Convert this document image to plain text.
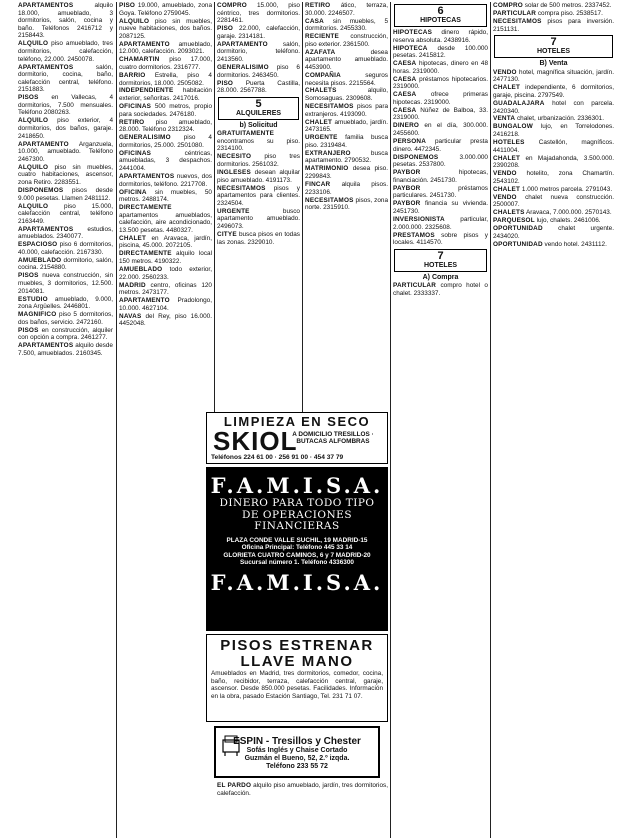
APARTAMENTOS alquilo 18.000, amueblado, 3 dormitorios, salón, cocina y baño. Teléfonos 2416712 y 2158443.

ALQUILO piso amueblado, tres dormitorios, calefacción, teléfono, 22.000. 2450078.

APARTAMENTOS salón, dormitorio, cocina, baño, calefacción central, teléfono. 2151883.

PISOS en Vallecas, 4 dormitorios, 7.500 mensuales. Teléfono 2080263.

ALQUILO piso exterior, 4 dormitorios, dos baños, garaje. 2418650.

APARTAMENTO Arganzuela, 10.000, amueblado. Teléfono 2467300.

ALQUILO piso sin muebles, cuatro habitaciones, ascensor, zona Retiro. 2283551.

DISPONEMOS pisos desde 9.000 pesetas. Llamen 2481112.

ALQUILO piso 15.000, calefacción central, teléfono 2163449.

APARTAMENTOS estudios, amueblados. 2340077.

ESPACIOSO piso 6 dormitorios, 40.000, calefacción. 2167330.

AMUEBLADO dormitorio, salón, cocina. 2154880.

PISOS nueva construcción, sin muebles, 3 dormitorios, 12.500. 2014081.

ESTUDIO amueblado, 9.000, zona Argüelles. 2446801.

MAGNIFICO piso 5 dormitorios, dos baños, servicio. 2472160.

PISOS en construcción, alquiler con opción a compra. 2461277.

APARTAMENTOS alquilo desde 7.500, amueblados. 2160345.

PISO 19.000, amueblado, zona Goya. Teléfono 2759045.

ALQUILO piso sin muebles, nueve habitaciones, dos baños. 2087125.

APARTAMENTO amueblado, 12.000, calefacción. 2093021.

CHAMARTIN piso 17.000, cuatro dormitorios. 2316777.

BARRIO Estrella, piso 4 dormitorios, 18.000. 2505082.

INDEPENDIENTE habitación exterior, señoritas. 2417016.

OFICINAS 500 metros, propio para sociedades. 2476180.

RETIRO piso amueblado, 28.000. Teléfono 2312324.

GENERALISIMO piso 4 dormitorios, 25.000. 2501080.

OFICINAS céntricas, amuebladas, 3 despachos. 2441004.

APARTAMENTOS nuevos, dos dormitorios, teléfono. 2217708.

OFICINA sin muebles, 50 metros. 2488174.

DIRECTAMENTE apartamentos amueblados, calefacción, aire acondicionado, 13.500 pesetas. 4480327.

CHALET en Aravaca, jardín, piscina, 45.000. 2072105.

DIRECTAMENTE alquilo local 150 metros. 4190322.

AMUEBLADO todo exterior, 22.000. 2560233.

MADRID centro, oficinas 120 metros. 2473177.

APARTAMENTO Pradolongo, 10.000. 4627104.

NAVAS del Rey, piso 16.000. 4452048.

COMPRO 15.000, piso céntrico, tres dormitorios. 2281461.

PISO 22.000, calefacción, garaje. 2314181.

APARTAMENTO salón, dormitorio, teléfono. 2413560.

GENERALISIMO piso 6 dormitorios. 2463450.

PISO Puerta Castilla, 28.000. 2567788.

5
ALQUILERES
b) Solicitud

GRATUITAMENTE encontramos su piso. 2314100.

NECESITO piso tres dormitorios. 2561032.

INGLESES desean alquilar piso amueblado. 4191173.

NECESITAMOS pisos y apartamentos para clientes. 2324504.

URGENTE busco apartamento amueblado. 2496073.

CITYE busca pisos en todas las zonas. 2329010.

RETIRO ático, terraza, 30.000. 2246507.

CASA sin muebles, 5 dormitorios. 2455330.

RECIENTE construcción, piso exterior. 2361500.

AZAFATA desea apartamento amueblado. 4453900.

COMPAÑIA seguros necesita pisos. 2215564.

CHALETS alquilo, Somosaguas. 2309608.

NECESITAMOS pisos para extranjeros. 4193090.

CHALET amueblado, jardín. 2473165.

URGENTE familia busca piso. 2319484.

EXTRANJERO busca apartamento. 2790532.

MATRIMONIO desea piso. 2299843.

FINCAR alquila pisos. 2233106.

NECESITAMOS pisos, zona norte. 2315910.

6
HIPOTECAS

HIPOTECAS dinero rápido, reserva absoluta. 2438916.

HIPOTECA desde 100.000 pesetas. 2415812.

CAESA hipotecas, dinero en 48 horas. 2319000.

CAESA préstamos hipotecarios. 2319000.

CAESA ofrece primeras hipotecas. 2319000.

CAESA Núñez de Balboa, 33. 2319000.

DINERO en el día, 300.000. 2455600.

PERSONA particular presta dinero. 4472345.

DISPONEMOS 3.000.000 pesetas. 2537800.

PAYBOR hipotecas, financiación. 2451730.

PAYBOR préstamos particulares. 2451730.

PAYBOR financia su vivienda. 2451730.

INVERSIONISTA particular, 2.000.000. 2325608.

PRESTAMOS sobre pisos y locales. 4114570.

7
HOTELES
A) Compra

PARTICULAR compro hotel o chalet. 2333337.

COMPRO solar de 500 metros. 2337452.

PARTICULAR compra piso. 2538517.

NECESITAMOS pisos para inversión. 2151131.

7
HOTELES
B) Venta

VENDO hotel, magnífica situación, jardín. 2477130.

CHALET independiente, 6 dormitorios, garaje, piscina. 2797549.

GUADALAJARA hotel con parcela. 2420340.

VENTA chalet, urbanización. 2336301.

BUNGALOW lujo, en Torrelodones. 2416218.

HOTELES Castellón, magníficos. 4411004.

CHALET en Majadahonda, 3.500.000. 2390208.

VENDO hotelito, zona Chamartín. 2543102.

CHALET 1.000 metros parcela. 2791043.

VENDO chalet nueva construcción. 2500007.

CHALETS Aravaca, 7.000.000. 2570143.

PARQUESOL lujo, chalets. 2461006.

OPORTUNIDAD chalet urgente. 2434020.

OPORTUNIDAD vendo hotel. 2431112.

LIMPIEZA EN SECO
SKIOL
A DOMICILIO TRESILLOS · BUTACAS ALFOMBRAS
Teléfonos 224 61 00 · 256 91 00 · 454 37 79
F.A.M.I.S.A.
DINERO PARA TODO TIPO
DE OPERACIONES FINANCIERAS
PLAZA CONDE VALLE SUCHIL, 19 MADRID-15
Oficina Principal: Teléfono 445 33 14
GLORIETA CUATRO CAMINOS, 6 y 7 MADRID-20
Sucursal número 1. Teléfono 4336300
F.A.M.I.S.A.
PISOS ESTRENAR
LLAVE MANO
Amueblados en Madrid, tres dormitorios, comedor, cocina, baño, recibidor, terraza, calefacción central, garaje, ascensor. Desde 850.000 pesetas. Facilidades. Información en la obra, pasado Estación Santiago, Tel. 231 71 07.
ESPIN - Tresillos y Chester
Sofás Inglés y Chaise Cortado
Guzmán el Bueno, 52, 2.º izqda.
Teléfono 233 55 72

EL PARDO alquilo piso amueblado, jardín, tres dormitorios, calefacción.
